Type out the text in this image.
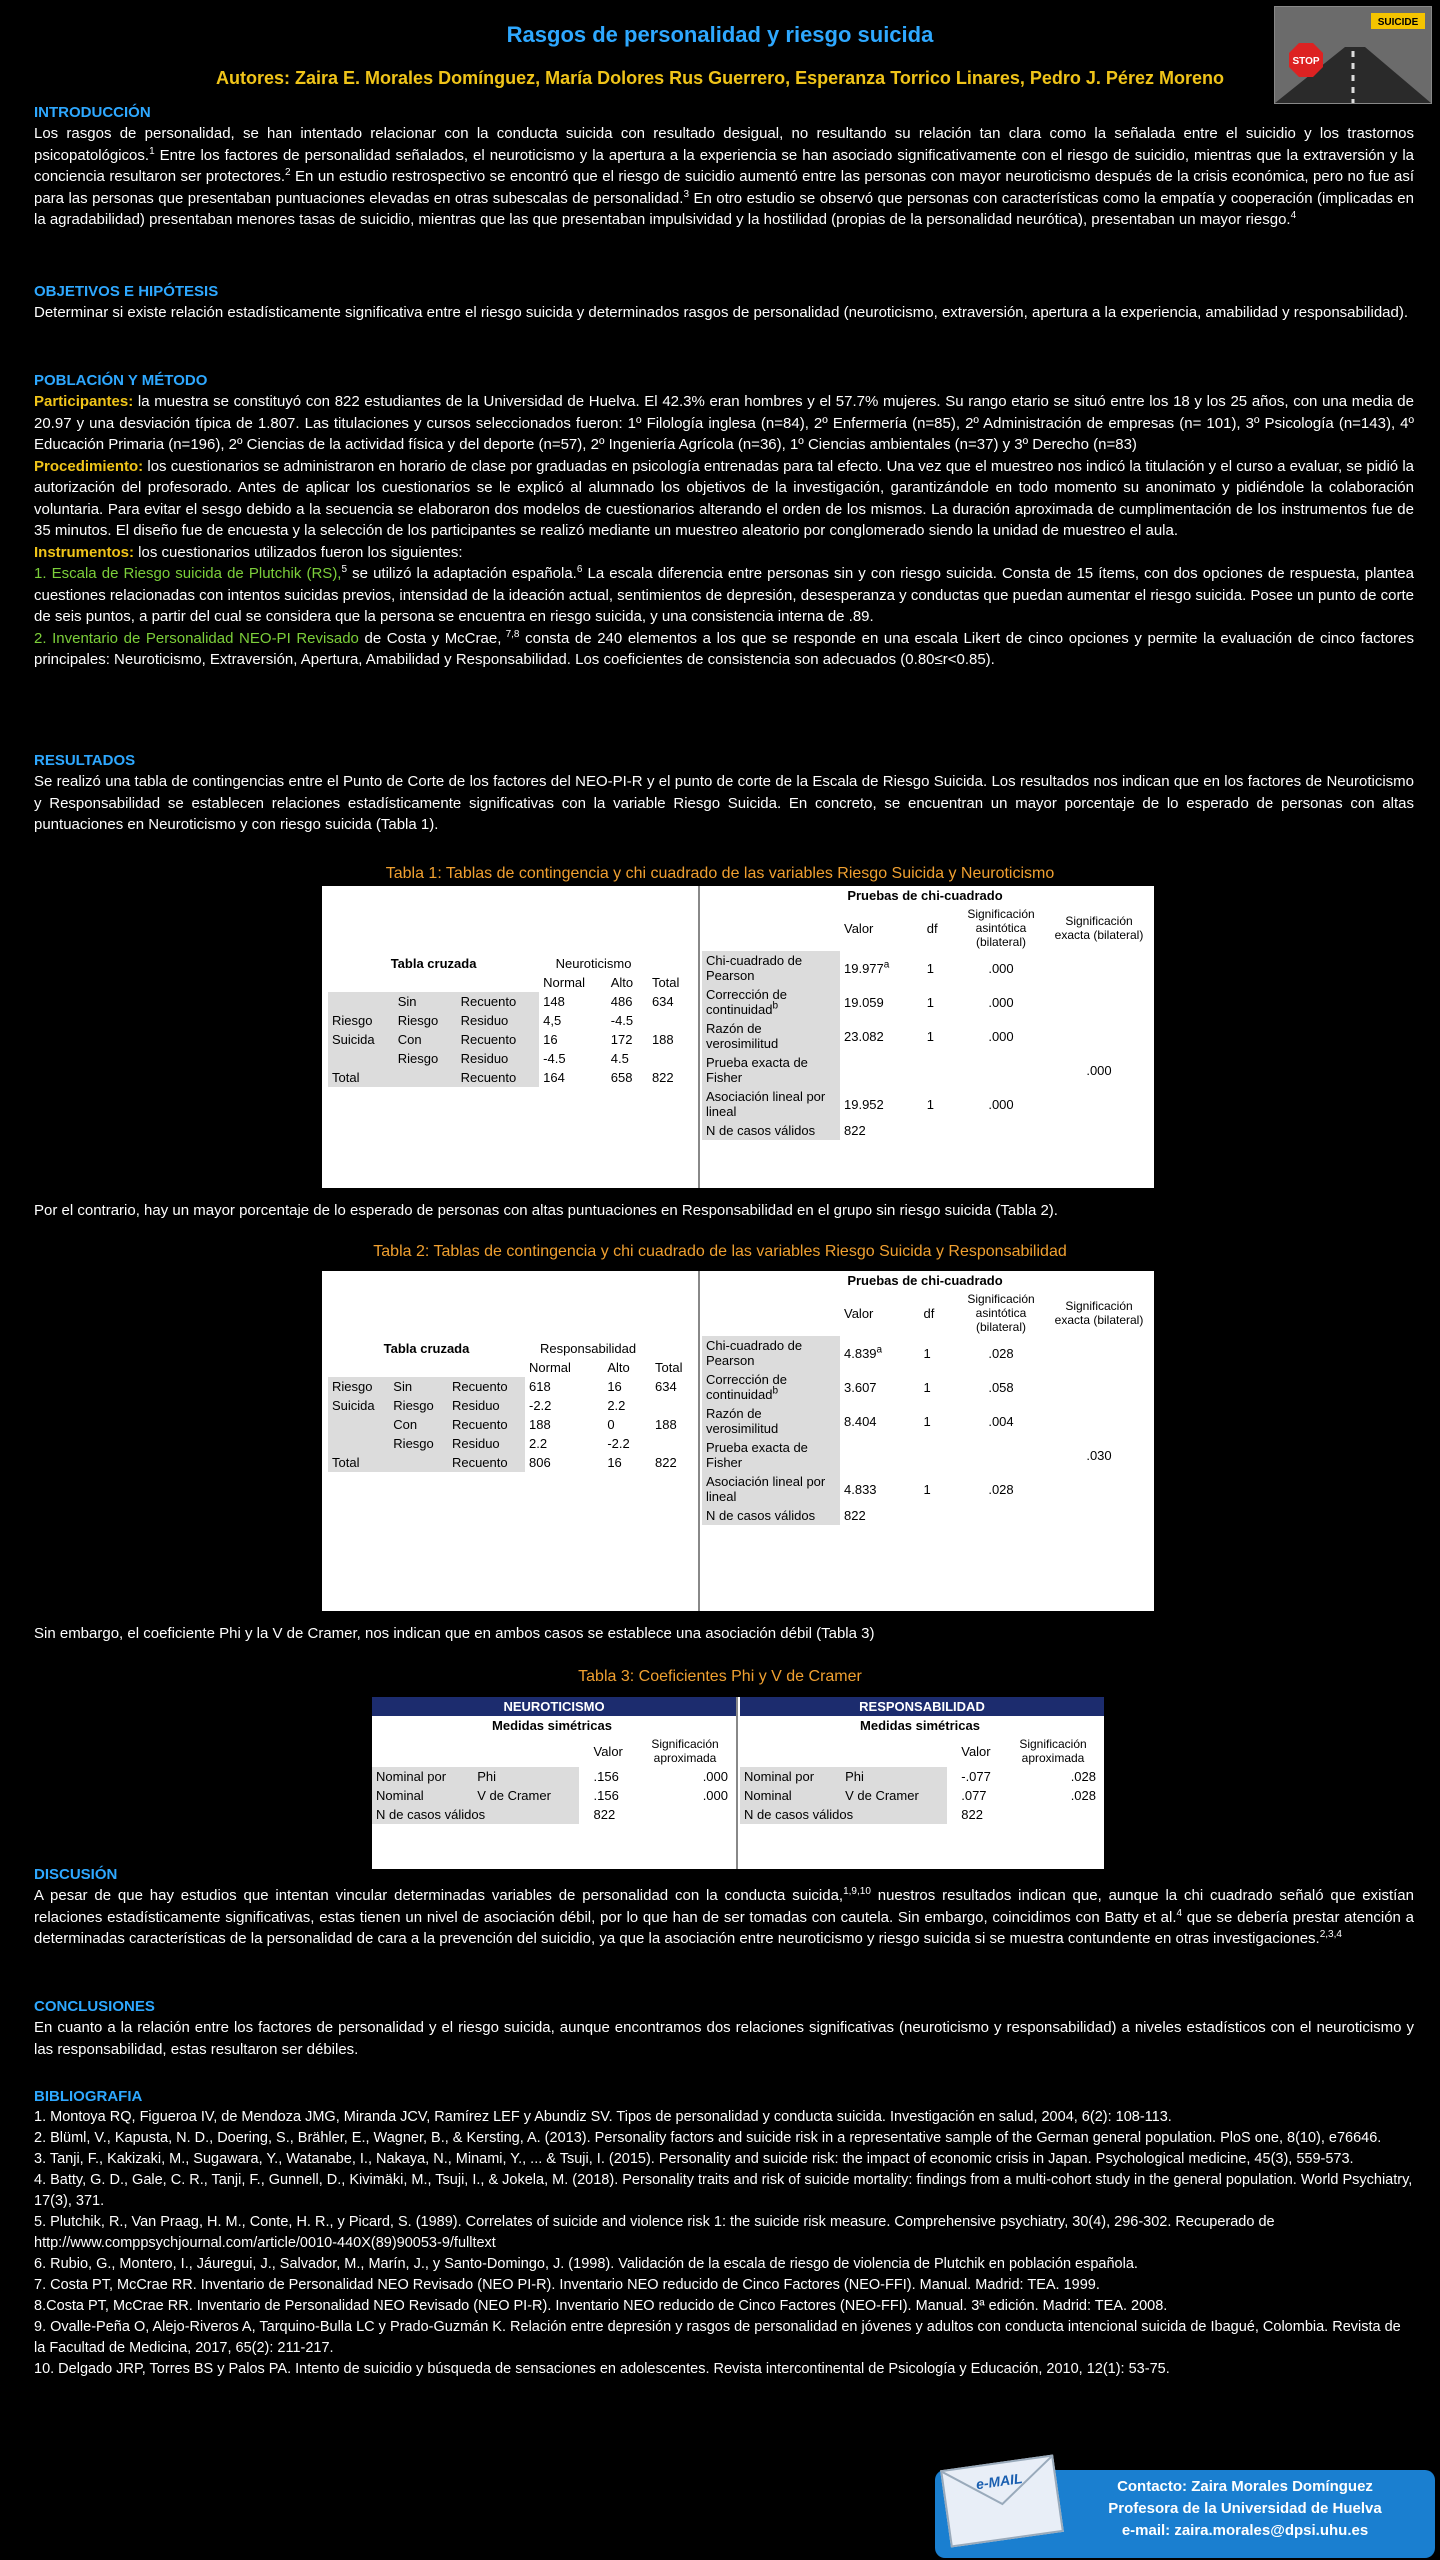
Rasgos de personalidad y riesgo suicida
Autores: Zaira E. Morales Domínguez, María Dolores Rus Guerrero, Esperanza Torrico Linares, Pedro J. Pérez Moreno
STOP
SUICIDE
INTRODUCCIÓN

Los rasgos de personalidad, se han intentado relacionar con la conducta suicida con resultado desigual, no resultando su relación tan clara como la señalada entre el suicidio y los trastornos psicopatológicos.$^1$ Entre los factores de personalidad señalados, el neuroticismo y la apertura a la experiencia se han asociado significativamente con el riesgo de suicidio, mientras que la extraversión y la conciencia resultaron ser protectores.$^2$ En un estudio restrospectivo se encontró que el riesgo de suicidio aumentó entre las personas con mayor neuroticismo después de la crisis económica, pero no fue así para las personas que presentaban puntuaciones elevadas en otras subescalas de personalidad.$^3$ En otro estudio se observó que personas con características como la empatía y cooperación (implicadas en la agradabilidad) presentaban menores tasas de suicidio, mientras que las que presentaban impulsividad y la hostilidad (propias de la personalidad neurótica), presentaban un mayor riesgo.$^4$

OBJETIVOS E HIPÓTESIS

Determinar si existe relación estadísticamente significativa entre el riesgo suicida y determinados rasgos de personalidad (neuroticismo, extraversión, apertura a la experiencia, amabilidad y responsabilidad).

POBLACIÓN Y MÉTODO

Participantes: la muestra se constituyó con 822 estudiantes de la Universidad de Huelva. El 42.3% eran hombres y el 57.7% mujeres. Su rango etario se situó entre los 18 y los 25 años, con una media de 20.97 y una desviación típica de 1.807. Las titulaciones y cursos seleccionados fueron: 1º Filología inglesa (n=84), 2º Enfermería (n=85), 2º Administración de empresas (n= 101), 3º Psicología (n=143), 4º Educación Primaria (n=196), 2º Ciencias de la actividad física y del deporte (n=57), 2º Ingeniería Agrícola (n=36), 1º Ciencias ambientales (n=37) y 3º Derecho (n=83)

Procedimiento: los cuestionarios se administraron en horario de clase por graduadas en psicología entrenadas para tal efecto. Una vez que el muestreo nos indicó la titulación y el curso a evaluar, se pidió la autorización del profesorado. Antes de aplicar los cuestionarios se le explicó al alumnado los objetivos de la investigación, garantizándole en todo momento su anonimato y pidiéndole la colaboración voluntaria. Para evitar el sesgo debido a la secuencia se elaboraron dos modelos de cuestionarios alterando el orden de los mismos. La duración aproximada de cumplimentación de los instrumentos fue de 35 minutos. El diseño fue de encuesta y la selección de los participantes se realizó mediante un muestreo aleatorio por conglomerado siendo la unidad de muestreo el aula.

Instrumentos: los cuestionarios utilizados fueron los siguientes:

1. Escala de Riesgo suicida de Plutchik (RS),$^5$ se utilizó la adaptación española.$^6$ La escala diferencia entre personas sin y con riesgo suicida. Consta de 15 ítems, con dos opciones de respuesta, plantea cuestiones relacionadas con intentos suicidas previos, intensidad de la ideación actual, sentimientos de depresión, desesperanza y conductas que puedan aumentar el riesgo suicida. Posee un punto de corte de seis puntos, a partir del cual se considera que la persona se encuentra en riesgo suicida, y una consistencia interna de .89.

2. Inventario de Personalidad NEO-PI Revisado de Costa y McCrae, $^{7,8}$ consta de 240 elementos a los que se responde en una escala Likert de cinco opciones y permite la evaluación de cinco factores principales: Neuroticismo, Extraversión, Apertura, Amabilidad y Responsabilidad. Los coeficientes de consistencia son adecuados (0.80≤r<0.85).

RESULTADOS

Se realizó una tabla de contingencias entre el Punto de Corte de los factores del NEO-PI-R y el punto de corte de la Escala de Riesgo Suicida. Los resultados nos indican que en los factores de Neuroticismo y Responsabilidad se establecen relaciones estadísticamente significativas con la variable Riesgo Suicida. En concreto, se encuentran un mayor porcentaje de lo esperado de personas con altas puntuaciones en Neuroticismo y con riesgo suicida (Tabla 1).

Tabla 1: Tablas de contingencia y chi cuadrado de las variables Riesgo Suicida y Neuroticismo
Tabla cruzada			Neuroticismo		
			Normal	Alto	Total
	Sin	Recuento	148	486	634
Riesgo	Riesgo	Residuo	4,5	-4.5	
Suicida	Con	Recuento	16	172	188
	Riesgo	Residuo	-4.5	4.5	
Total		Recuento	164	658	822
Pruebas de chi-cuadrado				
	Valor	df	Significación asintótica (bilateral)	Significación exacta (bilateral)
Chi-cuadrado de Pearson	19.977$^a$	1	.000	
Corrección de continuidad$^b$	19.059	1	.000	
Razón de verosimilitud	23.082	1	.000	
Prueba exacta de Fisher				.000
Asociación lineal por lineal	19.952	1	.000	
N de casos válidos	822			

Por el contrario, hay un mayor porcentaje de lo esperado de personas con altas puntuaciones en Responsabilidad en el grupo sin riesgo suicida (Tabla 2).

Tabla 2: Tablas de contingencia y chi cuadrado de las variables Riesgo Suicida y Responsabilidad
Tabla cruzada			Responsabilidad		
			Normal	Alto	Total
Riesgo	Sin	Recuento	618	16	634
Suicida	Riesgo	Residuo	-2.2	2.2	
	Con	Recuento	188	0	188
	Riesgo	Residuo	2.2	-2.2	
Total		Recuento	806	16	822
Pruebas de chi-cuadrado				
	Valor	df	Significación asintótica (bilateral)	Significación exacta (bilateral)
Chi-cuadrado de Pearson	4.839$^a$	1	.028	
Corrección de continuidad$^b$	3.607	1	.058	
Razón de verosimilitud	8.404	1	.004	
Prueba exacta de Fisher				.030
Asociación lineal por lineal	4.833	1	.028	
N de casos válidos	822			

Sin embargo, el coeficiente Phi y la V de Cramer, nos indican que en ambos casos se establece una asociación débil (Tabla 3)

Tabla 3: Coeficientes Phi y V de Cramer
NEUROTICISMO
Medidas simétricas				
			Valor	Significación aproximada
Nominal por	Phi		.156	.000
Nominal	V de Cramer		.156	.000
N de casos válidos			822	
RESPONSABILIDAD
Medidas simétricas				
			Valor	Significación aproximada
Nominal por	Phi		-.077	.028
Nominal	V de Cramer		.077	.028
N de casos válidos			822	
DISCUSIÓN

A pesar de que hay estudios que intentan vincular determinadas variables de personalidad con la conducta suicida,$^{1,9,10}$ nuestros resultados indican que, aunque la chi cuadrado señaló que existían relaciones estadísticamente significativas, estas tienen un nivel de asociación débil, por lo que han de ser tomadas con cautela. Sin embargo, coincidimos con Batty et al.$^4$ que se debería prestar atención a determinadas características de la personalidad de cara a la prevención del suicidio, ya que la asociación entre neuroticismo y riesgo suicida si se muestra contundente en otras investigaciones.$^{2,3,4}$

CONCLUSIONES

En cuanto a la relación entre los factores de personalidad y el riesgo suicida, aunque encontramos dos relaciones significativas (neuroticismo y responsabilidad) a niveles estadísticos con el neuroticismo y las responsabilidad, estas resultaron ser débiles.

BIBLIOGRAFIA

1. Montoya RQ, Figueroa IV, de Mendoza JMG, Miranda JCV, Ramírez LEF y Abundiz SV. Tipos de personalidad y conducta suicida. Investigación en salud, 2004, 6(2): 108-113.

2. Blüml, V., Kapusta, N. D., Doering, S., Brähler, E., Wagner, B., & Kersting, A. (2013). Personality factors and suicide risk in a representative sample of the German general population. PloS one, 8(10), e76646.

3. Tanji, F., Kakizaki, M., Sugawara, Y., Watanabe, I., Nakaya, N., Minami, Y., ... & Tsuji, I. (2015). Personality and suicide risk: the impact of economic crisis in Japan. Psychological medicine, 45(3), 559-573.

4. Batty, G. D., Gale, C. R., Tanji, F., Gunnell, D., Kivimäki, M., Tsuji, I., & Jokela, M. (2018). Personality traits and risk of suicide mortality: findings from a multi-cohort study in the general population. World Psychiatry, 17(3), 371.

5. Plutchik, R., Van Praag, H. M., Conte, H. R., y Picard, S. (1989). Correlates of suicide and violence risk 1: the suicide risk measure. Comprehensive psychiatry, 30(4), 296-302. Recuperado de http://www.comppsychjournal.com/article/0010-440X(89)90053-9/fulltext

6. Rubio, G., Montero, I., Jáuregui, J., Salvador, M., Marín, J., y Santo-Domingo, J. (1998). Validación de la escala de riesgo de violencia de Plutchik en población española.

7. Costa PT, McCrae RR. Inventario de Personalidad NEO Revisado (NEO PI-R). Inventario NEO reducido de Cinco Factores (NEO-FFI). Manual. Madrid: TEA. 1999.

8.Costa PT, McCrae RR. Inventario de Personalidad NEO Revisado (NEO PI-R). Inventario NEO reducido de Cinco Factores (NEO-FFI). Manual. 3ª edición. Madrid: TEA. 2008.

9. Ovalle-Peña O, Alejo-Riveros A, Tarquino-Bulla LC y Prado-Guzmán K. Relación entre depresión y rasgos de personalidad en jóvenes y adultos con conducta intencional suicida de Ibagué, Colombia. Revista de la Facultad de Medicina, 2017, 65(2): 211-217.

10. Delgado JRP, Torres BS y Palos PA. Intento de suicidio y búsqueda de sensaciones en adolescentes. Revista intercontinental de Psicología y Educación, 2010, 12(1): 53-75.

Contacto: Zaira Morales Domínguez
Profesora de la Universidad de Huelva
e-mail: zaira.morales@dpsi.uhu.es
e-MAIL
